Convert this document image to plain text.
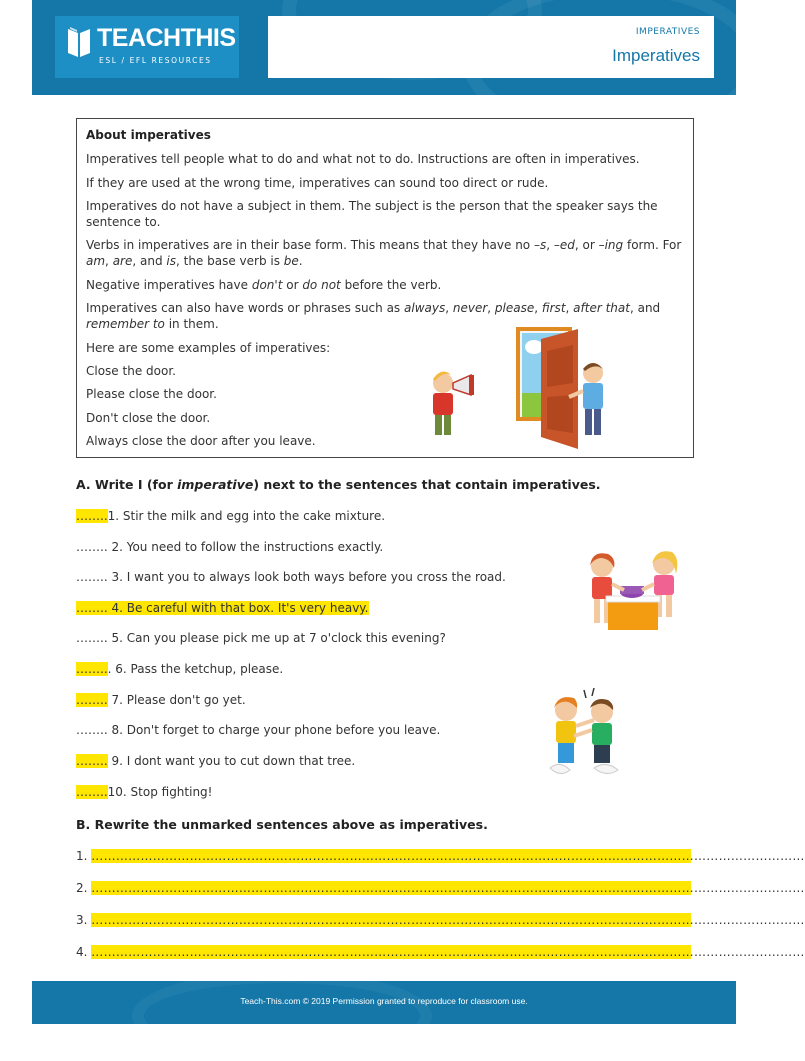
TEACHTHIS
ESL / EFL RESOURCES
IMPERATIVES
Imperatives
About imperatives

Imperatives tell people what to do and what not to do. Instructions are often in imperatives.

If they are used at the wrong time, imperatives can sound too direct or rude.

Imperatives do not have a subject in them. The subject is the person that the speaker says the sentence to.

Verbs in imperatives are in their base form. This means that they have no –s, –ed, or –ing form. For am, are, and is, the base verb is be.

Negative imperatives have don't or do not before the verb.

Imperatives can also have words or phrases such as always, never, please, first, after that, and remember to in them.

Here are some examples of imperatives:

Close the door.

Please close the door.

Don't close the door.

Always close the door after you leave.

A. Write I (for imperative) next to the sentences that contain imperatives.
……..1. Stir the milk and egg into the cake mixture.
…….. 2. You need to follow the instructions exactly.
…….. 3. I want you to always look both ways before you cross the road.
…….. 4. Be careful with that box. It's very heavy.
…….. 5. Can you please pick me up at 7 o'clock this evening?
……... 6. Pass the ketchup, please.
…….. 7. Please don't go yet.
…….. 8. Don't forget to charge your phone before you leave.
…….. 9. I dont want you to cut down that tree.
……..10. Stop fighting!
B. Rewrite the unmarked sentences above as imperatives.
1. …………………………………………………………………………………………………………………………………………………………
2. …………………………………………………………………………………………………………………………………………………………
3. …………………………………………………………………………………………………………………………………………………………
4. …………………………………………………………………………………………………………………………………………………………
Teach-This.com © 2019 Permission granted to reproduce for classroom use.
